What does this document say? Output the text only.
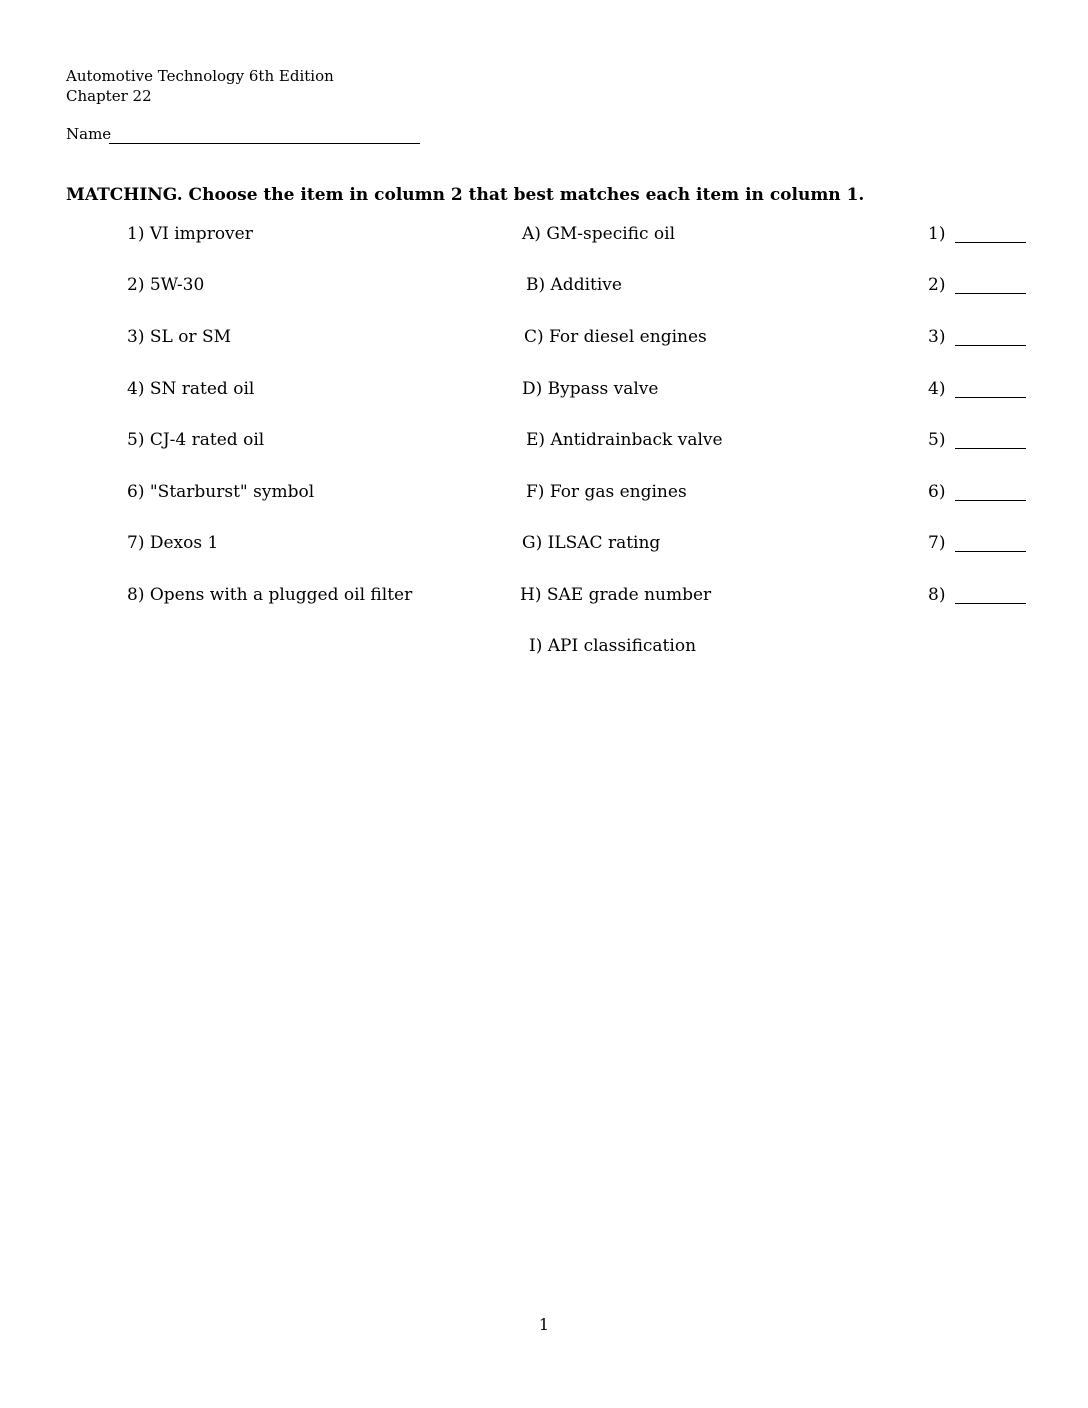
Automotive Technology 6th Edition
Chapter 22
Name
MATCHING. Choose the item in column 2 that best matches each item in column 1.
1) VI improver	A) GM-specific oil	1)
2) 5W-30	B) Additive	2)
3) SL or SM	C) For diesel engines	3)
4) SN rated oil	D) Bypass valve	4)
5) CJ-4 rated oil	E) Antidrainback valve	5)
6) "Starburst" symbol	F) For gas engines	6)
7) Dexos 1	G) ILSAC rating	7)
8) Opens with a plugged oil filter	H) SAE grade number	8)
I) API classification
1
